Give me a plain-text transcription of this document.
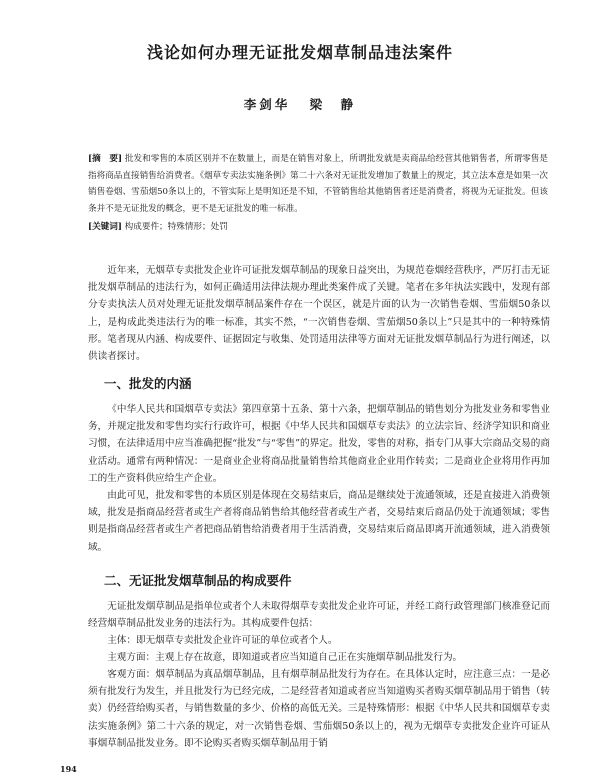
浅论如何办理无证批发烟草制品违法案件
李剑华 梁　静
[摘　要] 批发和零售的本质区别并不在数量上，而是在销售对象上，所谓批发就是卖商品给经营其他销售者，所谓零售是指将商品直接销售给消费者。《烟草专卖法实施条例》第二十六条对无证批发增加了数量上的规定，其立法本意是如果一次销售卷烟、雪茄烟50条以上的，不管实际上是明知还是不知，不管销售给其他销售者还是消费者，将视为无证批发。但该条并不是无证批发的概念，更不是无证批发的唯一标准。
[关键词] 构成要件；特殊情形；处罚

近年来，无烟草专卖批发企业许可证批发烟草制品的现象日益突出，为规范卷烟经营秩序，严厉打击无证批发烟草制品的违法行为，如何正确适用法律法规办理此类案件成了关键。笔者在多年执法实践中，发现有部分专卖执法人员对处理无证批发烟草制品案件存在一个误区，就是片面的认为一次销售卷烟、雪茄烟50条以上，是构成此类违法行为的唯一标准，其实不然，“一次销售卷烟、雪茄烟50条以上”只是其中的一种特殊情形。笔者现从内涵、构成要件、证据固定与收集、处罚适用法律等方面对无证批发烟草制品行为进行阐述，以供读者探讨。

一、批发的内涵

《中华人民共和国烟草专卖法》第四章第十五条、第十六条，把烟草制品的销售划分为批发业务和零售业务，并规定批发和零售均实行行政许可，根据《中华人民共和国烟草专卖法》的立法宗旨、经济学知识和商业习惯，在法律适用中应当准确把握“批发”与“零售”的界定。批发，零售的对称，指专门从事大宗商品交易的商业活动。通常有两种情况：一是商业企业将商品批量销售给其他商业企业用作转卖；二是商业企业将用作再加工的生产资料供应给生产企业。

由此可见，批发和零售的本质区别是体现在交易结束后，商品是继续处于流通领域，还是直接进入消费领域，批发是指商品经营者或生产者将商品销售给其他经营者或生产者，交易结束后商品仍处于流通领域；零售则是指商品经营者或生产者把商品销售给消费者用于生活消费，交易结束后商品即离开流通领域，进入消费领域。

二、无证批发烟草制品的构成要件

无证批发烟草制品是指单位或者个人未取得烟草专卖批发企业许可证，并经工商行政管理部门核准登记而经营烟草制品批发业务的违法行为。其构成要件包括：

主体：即无烟草专卖批发企业许可证的单位或者个人。

主观方面：主观上存在故意，即知道或者应当知道自己正在实施烟草制品批发行为。

客观方面：烟草制品为真品烟草制品，且有烟草制品批发行为存在。在具体认定时，应注意三点：一是必须有批发行为发生，并且批发行为已经完成，二是经营者知道或者应当知道购买者购买烟草制品用于销售（转卖）仍经营给购买者，与销售数量的多少、价格的高低无关。三是特殊情形：根据《中华人民共和国烟草专卖法实施条例》第二十六条的规定，对一次销售卷烟、雪茄烟50条以上的，视为无烟草专卖批发企业许可证从事烟草制品批发业务。即不论购买者购买烟草制品用于销

194
